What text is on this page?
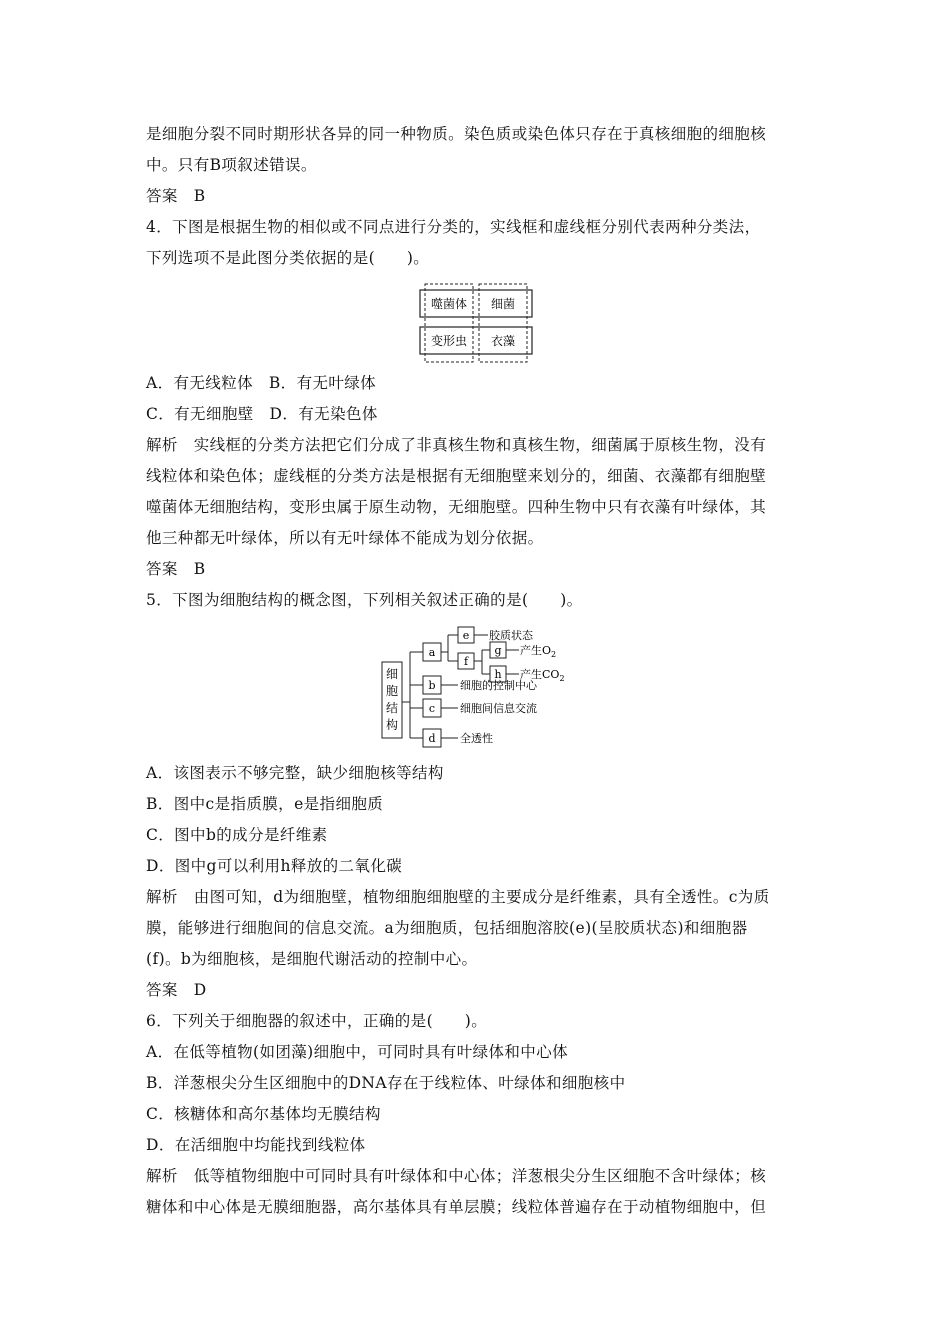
是细胞分裂不同时期形状各异的同一种物质。染色质或染色体只存在于真核细胞的细胞核
中。只有B项叙述错误。
答案　B
4．下图是根据生物的相似或不同点进行分类的，实线框和虚线框分别代表两种分类法，
下列选项不是此图分类依据的是(　　)。
噬菌体 细菌
变形虫 衣藻
A．有无线粒体　B．有无叶绿体
C．有无细胞壁　D．有无染色体
解析　实线框的分类方法把它们分成了非真核生物和真核生物，细菌属于原核生物，没有
线粒体和染色体；虚线框的分类方法是根据有无细胞壁来划分的，细菌、衣藻都有细胞壁
噬菌体无细胞结构，变形虫属于原生动物，无细胞壁。四种生物中只有衣藻有叶绿体，其
他三种都无叶绿体，所以有无叶绿体不能成为划分依据。
答案　B
5．下图为细胞结构的概念图，下列相关叙述正确的是(　　)。
细
胞
结
构
a
b
c
d
e
f
g
h
胶质状态
产生$O_2$
产生$CO_2$
细胞的控制中心
细胞间信息交流
全透性
A．该图表示不够完整，缺少细胞核等结构
B．图中c是指质膜，e是指细胞质
C．图中b的成分是纤维素
D．图中g可以利用h释放的二氧化碳
解析　由图可知，d为细胞壁，植物细胞细胞壁的主要成分是纤维素，具有全透性。c为质
膜，能够进行细胞间的信息交流。a为细胞质，包括细胞溶胶(e)(呈胶质状态)和细胞器
(f)。b为细胞核，是细胞代谢活动的控制中心。
答案　D
6．下列关于细胞器的叙述中，正确的是(　　)。
A．在低等植物(如团藻)细胞中，可同时具有叶绿体和中心体
B．洋葱根尖分生区细胞中的DNA存在于线粒体、叶绿体和细胞核中
C．核糖体和高尔基体均无膜结构
D．在活细胞中均能找到线粒体
解析　低等植物细胞中可同时具有叶绿体和中心体；洋葱根尖分生区细胞不含叶绿体；核
糖体和中心体是无膜细胞器，高尔基体具有单层膜；线粒体普遍存在于动植物细胞中，但
